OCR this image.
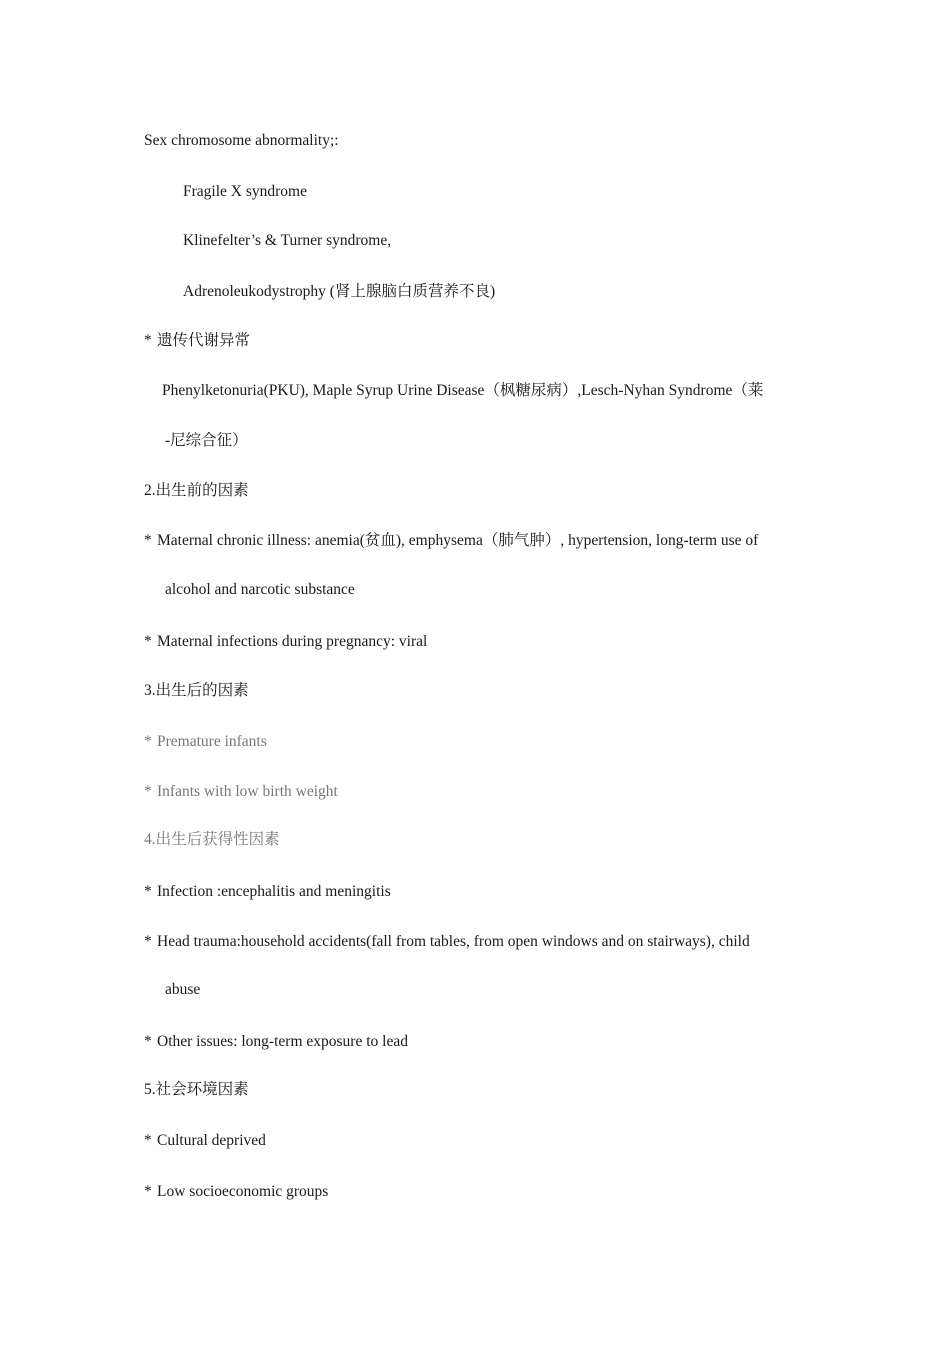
Sex chromosome abnormality;:
Fragile X syndrome
Klinefelter’s & Turner syndrome,
Adrenoleukodystrophy (肾上腺脑白质营养不良)
* 遗传代谢异常
Phenylketonuria(PKU), Maple Syrup Urine Disease（枫糖尿病）,Lesch-Nyhan Syndrome（莱
-尼综合征）
2.出生前的因素
* Maternal chronic illness: anemia(贫血), emphysema（肺气肿）, hypertension, long-term use of
alcohol and narcotic substance
* Maternal infections during pregnancy: viral
3.出生后的因素
* Premature infants
* Infants with low birth weight
4.出生后获得性因素
* Infection :encephalitis and meningitis
* Head trauma:household accidents(fall from tables, from open windows and on stairways), child
abuse
* Other issues: long-term exposure to lead
5.社会环境因素
* Cultural deprived
* Low socioeconomic groups
